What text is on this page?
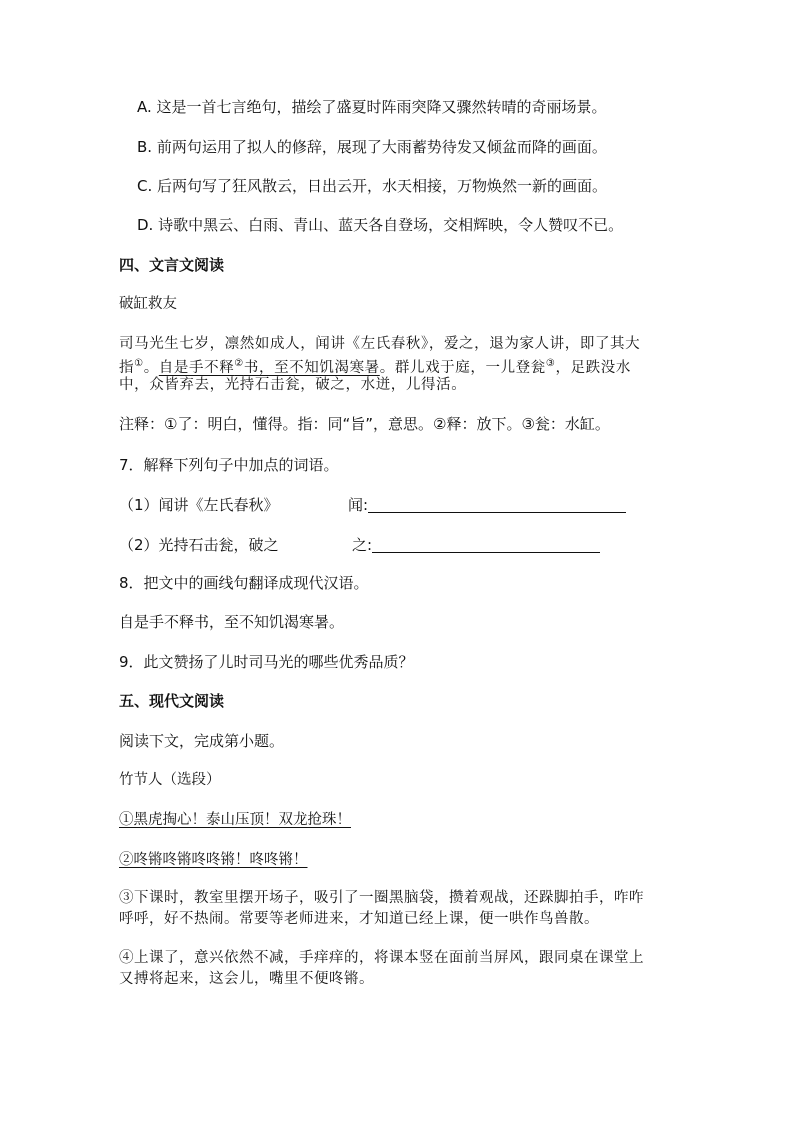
A. 这是一首七言绝句，描绘了盛夏时阵雨突降又骤然转晴的奇丽场景。
B. 前两句运用了拟人的修辞，展现了大雨蓄势待发又倾盆而降的画面。
C. 后两句写了狂风散云，日出云开，水天相接，万物焕然一新的画面。
D. 诗歌中黑云、白雨、青山、蓝天各自登场，交相辉映，令人赞叹不已。
四、文言文阅读
破缸救友
司马光生七岁，凛然如成人，闻讲《左氏春秋》，爱之，退为家人讲，即了其大
指①。自是手不释②书，至不知饥渴寒暑。群儿戏于庭，一儿登瓮③，足跌没水
中，众皆弃去，光持石击瓮，破之，水迸，儿得活。
注释：①了：明白，懂得。指：同“旨”，意思。②释：放下。③瓮：水缸。
7．解释下列句子中加点的词语。
（1）闻讲《左氏春秋》	闻:
（2）光持石击瓮，破之	之:
8．把文中的画线句翻译成现代汉语。
自是手不释书，至不知饥渴寒暑。
9．此文赞扬了儿时司马光的哪些优秀品质？
五、现代文阅读
阅读下文，完成第小题。
竹节人（选段）
①黑虎掏心！泰山压顶！双龙抢珠！
②咚锵咚锵咚咚锵！咚咚锵！
③下课时，教室里摆开场子，吸引了一圈黑脑袋，攒着观战，还跺脚拍手，咋咋
呼呼，好不热闹。常要等老师进来，才知道已经上课，便一哄作鸟兽散。
④上课了，意兴依然不减，手痒痒的，将课本竖在面前当屏风，跟同桌在课堂上
又搏将起来，这会儿，嘴里不便咚锵。
